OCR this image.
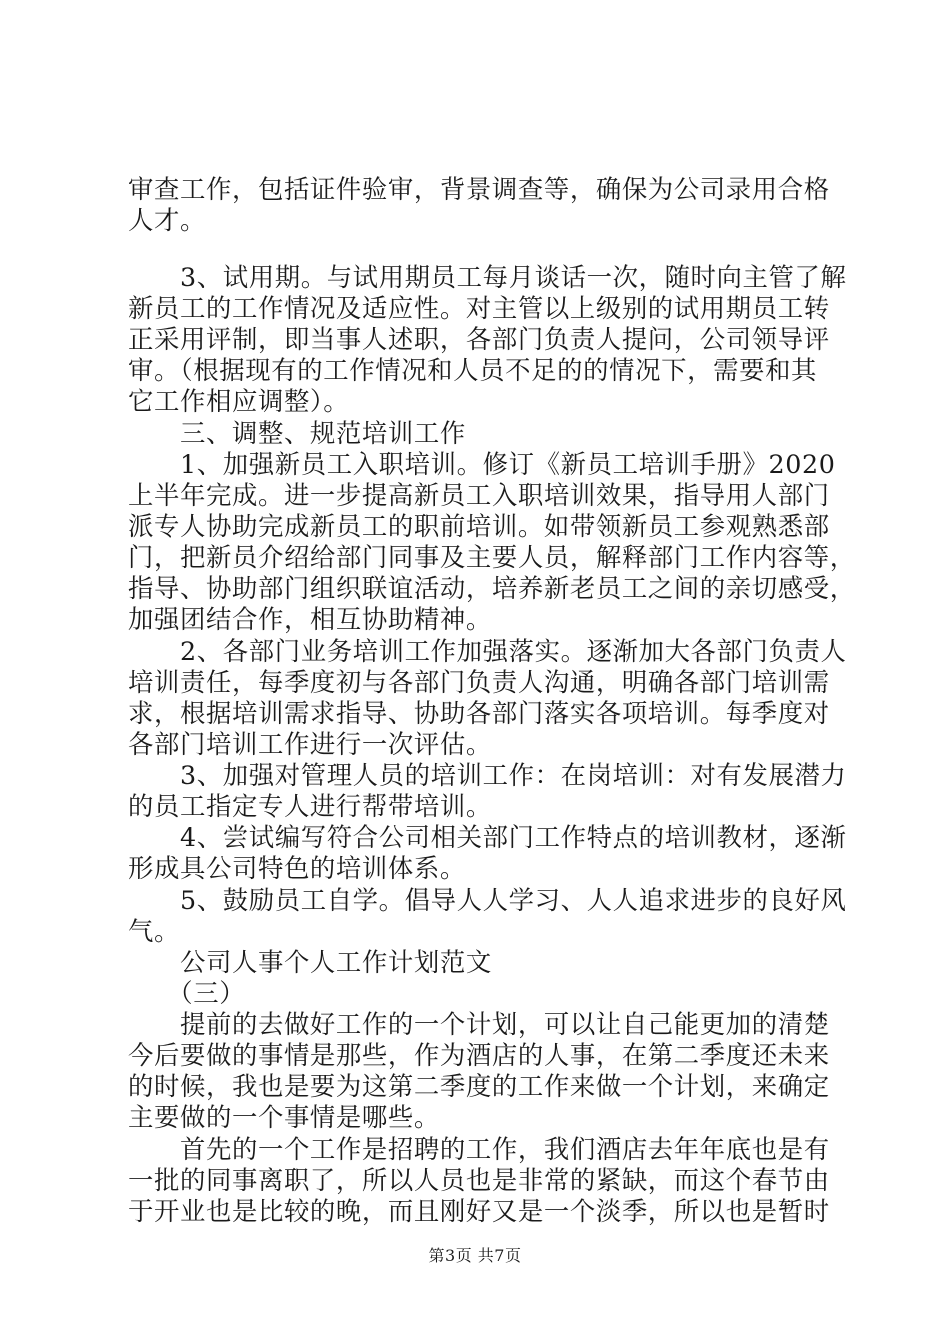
审查工作，包括证件验审，背景调查等，确保为公司录用合格
人才。
　　3、试用期。与试用期员工每月谈话一次，随时向主管了解
新员工的工作情况及适应性。对主管以上级别的试用期员工转
正采用评制，即当事人述职，各部门负责人提问，公司领导评
审。（根据现有的工作情况和人员不足的的情况下，需要和其
它工作相应调整）。
　　三、调整、规范培训工作
　　1、加强新员工入职培训。修订《新员工培训手册》2020
上半年完成。进一步提高新员工入职培训效果，指导用人部门
派专人协助完成新员工的职前培训。如带领新员工参观熟悉部
门，把新员介绍给部门同事及主要人员，解释部门工作内容等，
指导、协助部门组织联谊活动，培养新老员工之间的亲切感受，
加强团结合作，相互协助精神。
　　2、各部门业务培训工作加强落实。逐渐加大各部门负责人
培训责任，每季度初与各部门负责人沟通，明确各部门培训需
求，根据培训需求指导、协助各部门落实各项培训。每季度对
各部门培训工作进行一次评估。
　　3、加强对管理人员的培训工作：在岗培训：对有发展潜力
的员工指定专人进行帮带培训。
　　4、尝试编写符合公司相关部门工作特点的培训教材，逐渐
形成具公司特色的培训体系。
　　5、鼓励员工自学。倡导人人学习、人人追求进步的良好风
气。
　　公司人事个人工作计划范文
　　（三）
　　提前的去做好工作的一个计划，可以让自己能更加的清楚
今后要做的事情是那些，作为酒店的人事，在第二季度还未来
的时候，我也是要为这第二季度的工作来做一个计划，来确定
主要做的一个事情是哪些。
　　首先的一个工作是招聘的工作，我们酒店去年年底也是有
一批的同事离职了，所以人员也是非常的紧缺，而这个春节由
于开业也是比较的晚，而且刚好又是一个淡季，所以也是暂时
第3页 共7页
